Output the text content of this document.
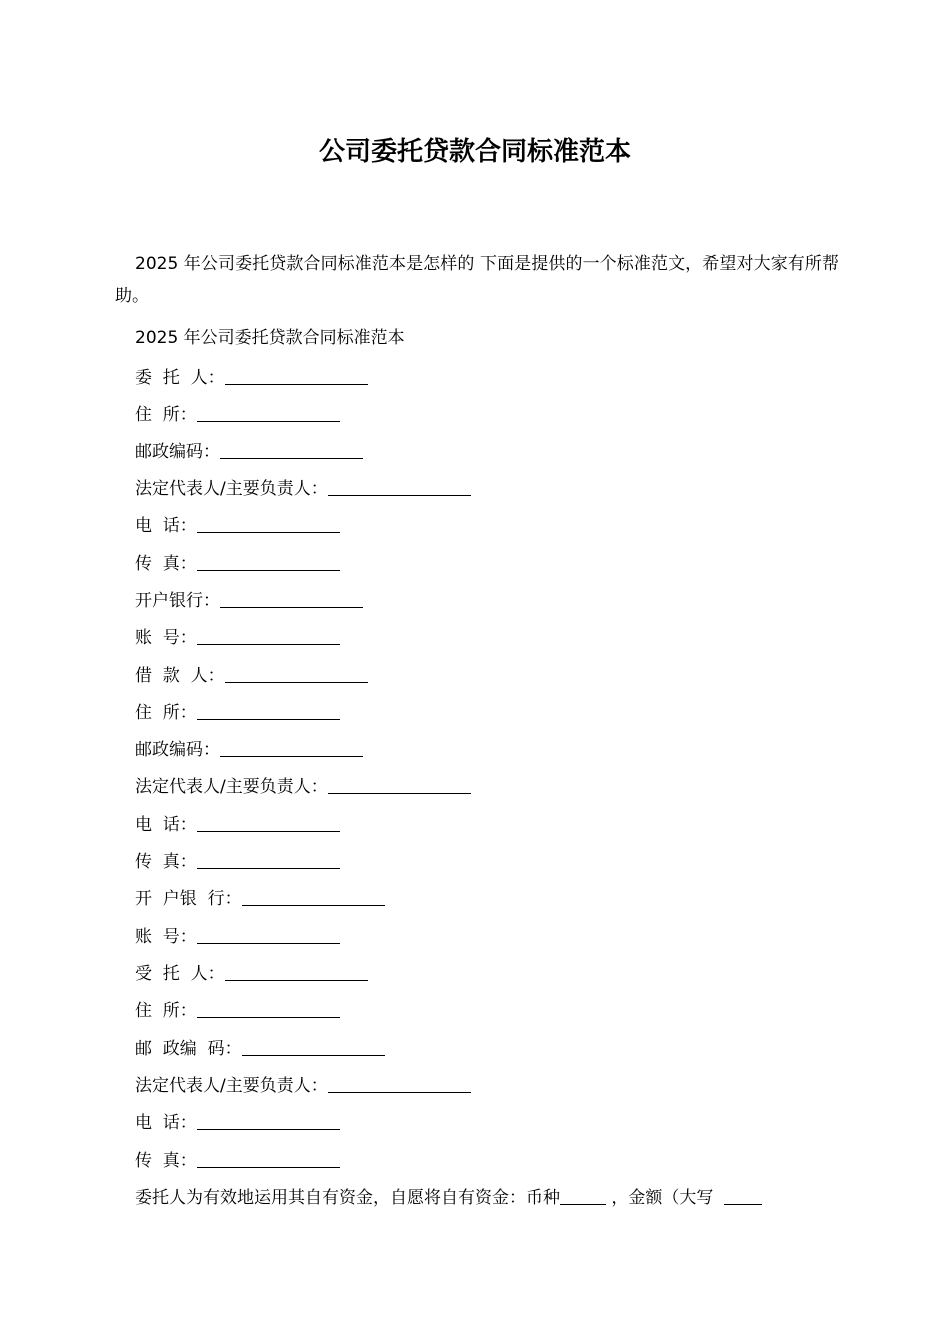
公司委托贷款合同标准范本

2025 年公司委托贷款合同标准范本是怎样的 下面是提供的一个标准范文，希望对大家有所帮助。

2025 年公司委托贷款合同标准范本
委  托  人：
住  所：
邮政编码：
法定代表人/主要负责人：
电  话：
传  真：
开户银行：
账  号：
借  款  人：
住  所：
邮政编码：
法定代表人/主要负责人：
电  话：
传  真：
开  户银  行：
账  号：
受  托  人：
住  所：
邮  政编  码：
法定代表人/主要负责人：
电  话：
传  真：
委托人为有效地运用其自有资金，自愿将自有资金：币种	，金额（大写
